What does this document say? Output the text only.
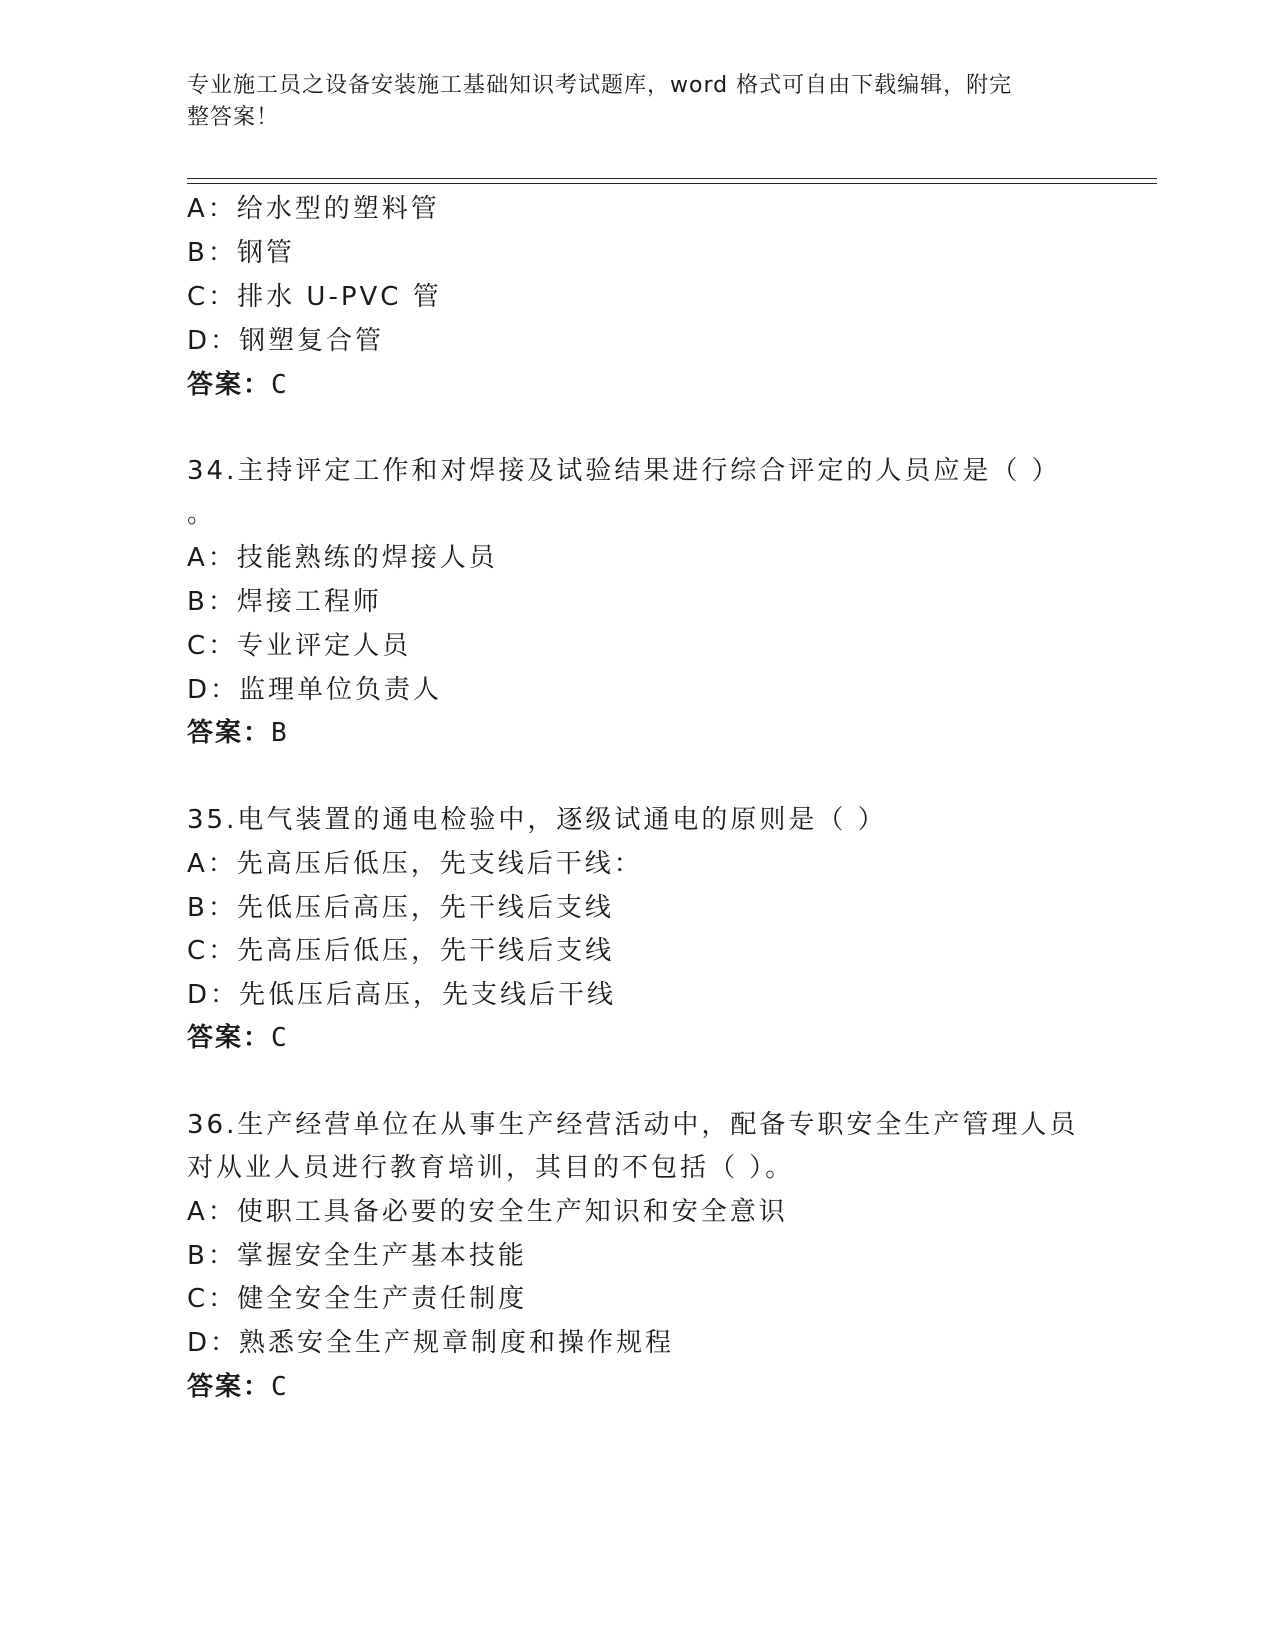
专业施工员之设备安装施工基础知识考试题库，word 格式可自由下载编辑，附完
整答案！
A：给水型的塑料管
B：钢管
C：排水 U-PVC 管
D：钢塑复合管
答案：C
34.主持评定工作和对焊接及试验结果进行综合评定的人员应是（ ）
。
A：技能熟练的焊接人员
B：焊接工程师
C：专业评定人员
D：监理单位负责人
答案：B
35.电气装置的通电检验中，逐级试通电的原则是（ ）
A：先高压后低压，先支线后干线：
B：先低压后高压，先干线后支线
C：先高压后低压，先干线后支线
D：先低压后高压，先支线后干线
答案：C
36.生产经营单位在从事生产经营活动中，配备专职安全生产管理人员
对从业人员进行教育培训，其目的不包括（ ）。
A：使职工具备必要的安全生产知识和安全意识
B：掌握安全生产基本技能
C：健全安全生产责任制度
D：熟悉安全生产规章制度和操作规程
答案：C
